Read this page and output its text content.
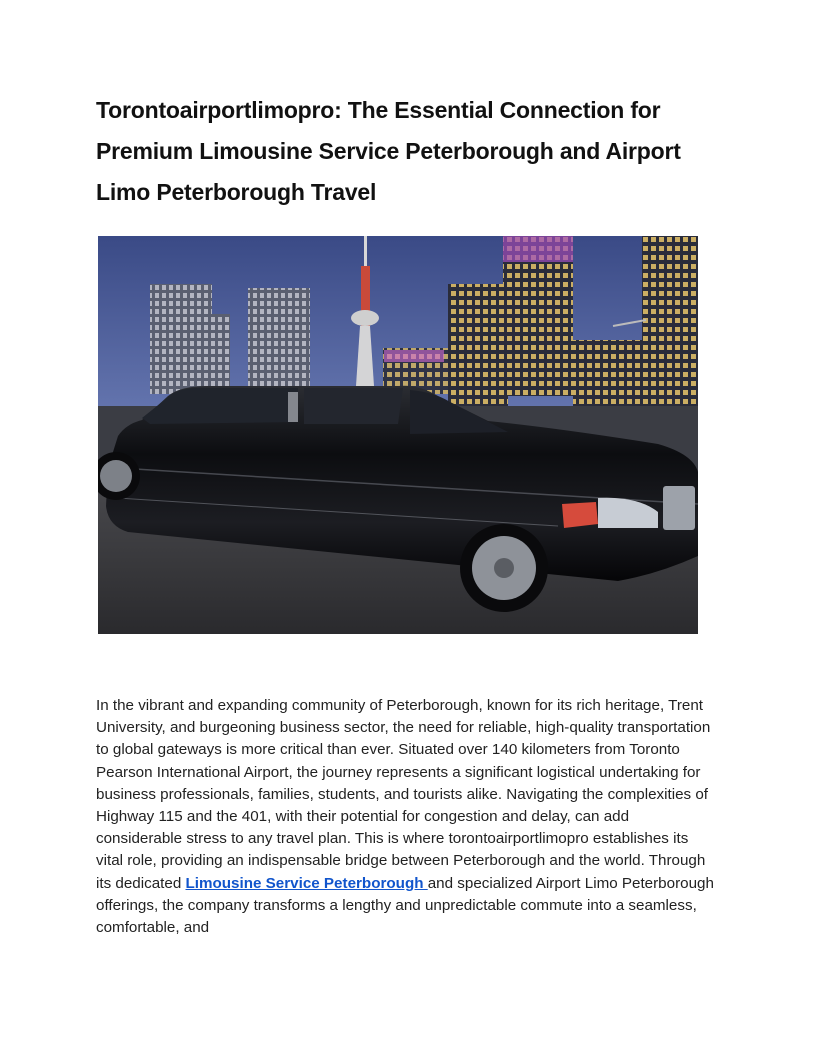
Torontoairportlimopro: The Essential Connection for Premium Limousine Service Peterborough and Airport Limo Peterborough Travel

In the vibrant and expanding community of Peterborough, known for its rich heritage, Trent University, and burgeoning business sector, the need for reliable, high-quality transportation to global gateways is more critical than ever. Situated over 140 kilometers from Toronto Pearson International Airport, the journey represents a significant logistical undertaking for business professionals, families, students, and tourists alike. Navigating the complexities of Highway 115 and the 401, with their potential for congestion and delay, can add considerable stress to any travel plan. This is where torontoairportlimopro establishes its vital role, providing an indispensable bridge between Peterborough and the world. Through its dedicated Limousine Service Peterborough and specialized Airport Limo Peterborough offerings, the company transforms a lengthy and unpredictable commute into a seamless, comfortable, and
